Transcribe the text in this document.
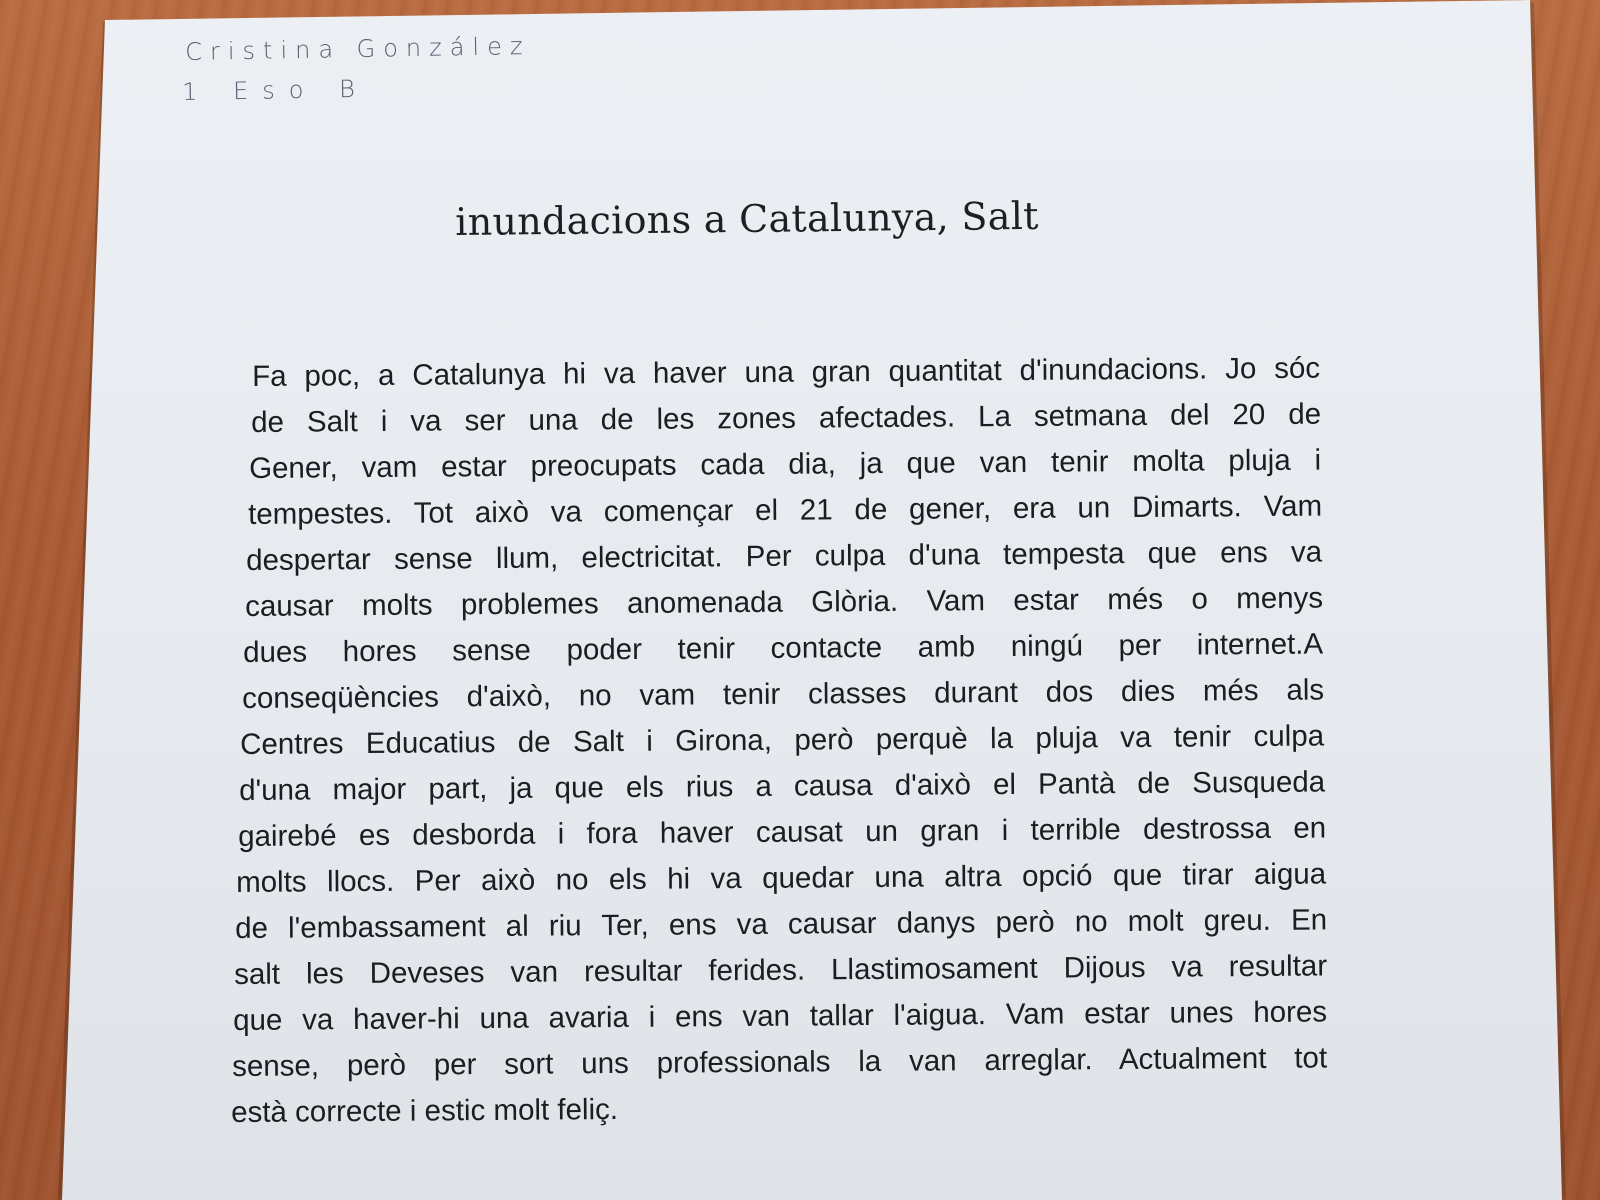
Cristina González
1 Eso B
inundacions a Catalunya, Salt
Fa poc, a Catalunya hi va haver una gran quantitat d'inundacions. Jo sóc
de Salt i va ser una de les zones afectades. La setmana del 20 de
Gener, vam estar preocupats cada dia, ja que van tenir molta pluja i
tempestes. Tot això va començar el 21 de gener, era un Dimarts. Vam
despertar sense llum, electricitat. Per culpa d'una tempesta que ens va
causar molts problemes anomenada Glòria. Vam estar més o menys
dues hores sense poder tenir contacte amb ningú per internet.A
conseqüències d'això, no vam tenir classes durant dos dies més als
Centres Educatius de Salt i Girona, però perquè la pluja va tenir culpa
d'una major part, ja que els rius a causa d'això el Pantà de Susqueda
gairebé es desborda i fora haver causat un gran i terrible destrossa en
molts llocs. Per això no els hi va quedar una altra opció que tirar aigua
de l'embassament al riu Ter, ens va causar danys però no molt greu. En
salt les Deveses van resultar ferides. Llastimosament Dijous va resultar
que va haver-hi una avaria i ens van tallar l'aigua. Vam estar unes hores
sense, però per sort uns professionals la van arreglar. Actualment tot
està correcte i estic molt feliç.
